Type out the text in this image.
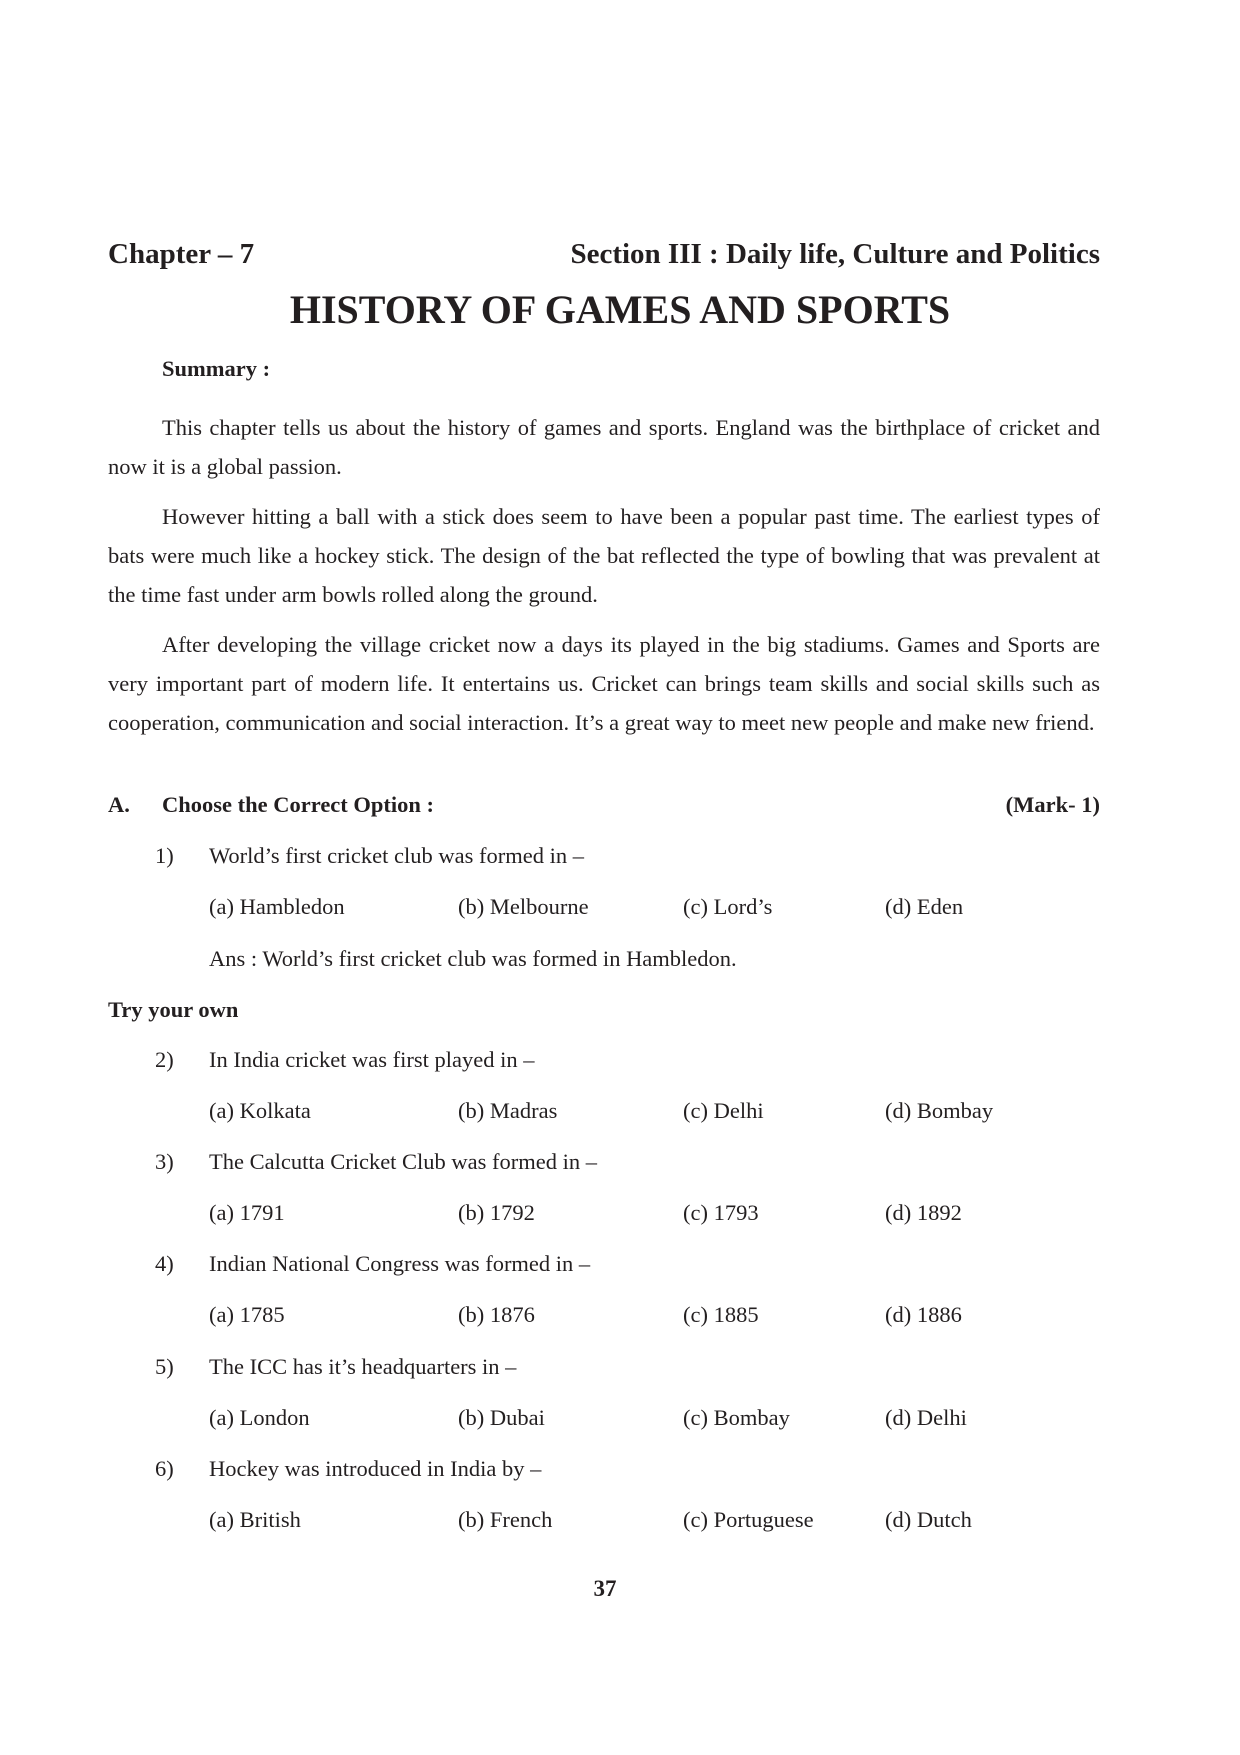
Chapter – 7	Section III : Daily life, Culture and Politics
HISTORY OF GAMES AND SPORTS
Summary :
This chapter tells us about the history of games and sports. England was the birthplace of cricket and now it is a global passion.
However hitting a ball with a stick does seem to have been a popular past time. The earliest types of bats were much like a hockey stick. The design of the bat reflected the type of bowling that was prevalent at the time fast under arm bowls rolled along the ground.
After developing the village cricket now a days its played in the big stadiums. Games and Sports are very important part of modern life. It entertains us. Cricket can brings team skills and social skills such as cooperation, communication and social interaction. It’s a great way to meet new people and make new friend.
A. Choose the Correct Option :	(Mark- 1)
1) World’s first cricket club was formed in –
(a) Hambledon	(b) Melbourne	(c) Lord’s	(d) Eden
Ans : World’s first cricket club was formed in Hambledon.
Try your own
2) In India cricket was first played in –
(a) Kolkata	(b) Madras	(c) Delhi	(d) Bombay
3) The Calcutta Cricket Club was formed in –
(a) 1791	(b) 1792	(c) 1793	(d) 1892
4) Indian National Congress was formed in –
(a) 1785	(b) 1876	(c) 1885	(d) 1886
5) The ICC has it’s headquarters in –
(a) London	(b) Dubai	(c) Bombay	(d) Delhi
6) Hockey was introduced in India by –
(a) British	(b) French	(c) Portuguese	(d) Dutch
37
